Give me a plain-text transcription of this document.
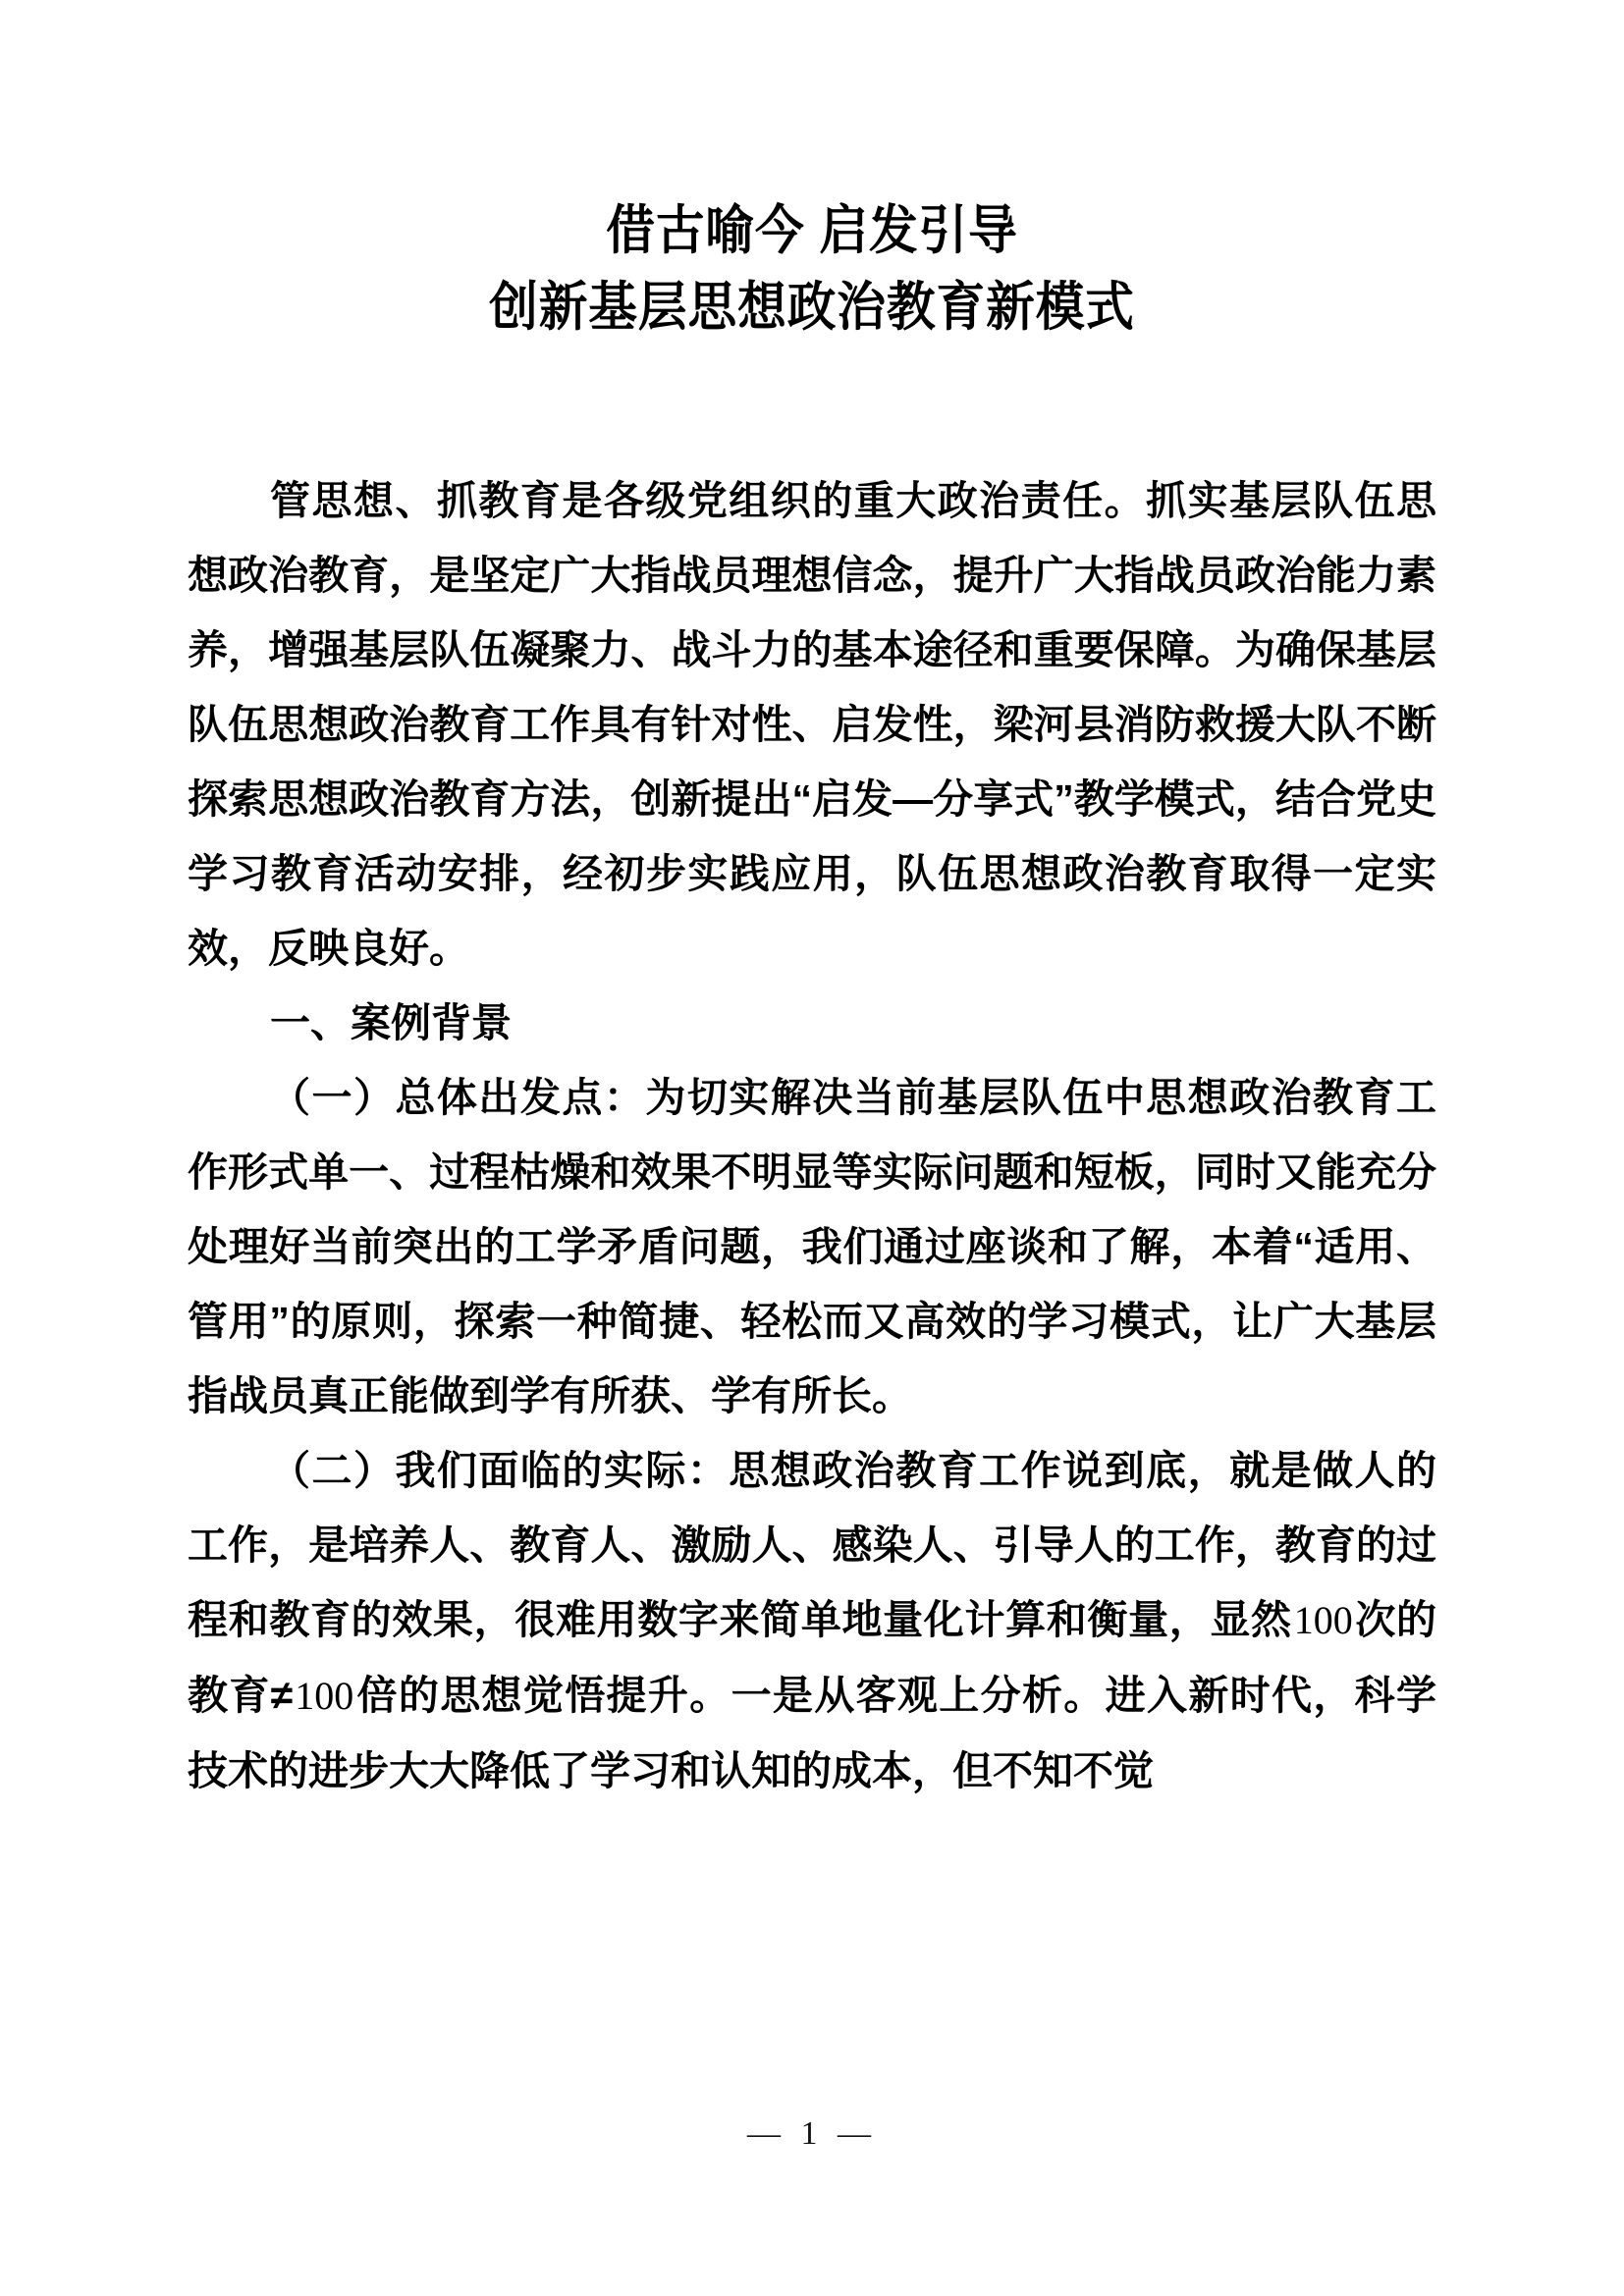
借古喻今 启发引导
创新基层思想政治教育新模式

管思想、抓教育是各级党组织的重大政治责任。抓实基层队伍思想政治教育，是坚定广大指战员理想信念，提升广大指战员政治能力素养，增强基层队伍凝聚力、战斗力的基本途径和重要保障。为确保基层队伍思想政治教育工作具有针对性、启发性，梁河县消防救援大队不断探索思想政治教育方法，创新提出“启发—分享式”教学模式，结合党史学习教育活动安排，经初步实践应用，队伍思想政治教育取得一定实效，反映良好。

一、案例背景

（一）总体出发点：为切实解决当前基层队伍中思想政治教育工作形式单一、过程枯燥和效果不明显等实际问题和短板，同时又能充分处理好当前突出的工学矛盾问题，我们通过座谈和了解，本着“适用、管用”的原则，探索一种简捷、轻松而又高效的学习模式，让广大基层指战员真正能做到学有所获、学有所长。

（二）我们面临的实际：思想政治教育工作说到底，就是做人的工作，是培养人、教育人、激励人、感染人、引导人的工作，教育的过程和教育的效果，很难用数字来简单地量化计算和衡量，显然100次的教育≠100倍的思想觉悟提升。一是从客观上分析。进入新时代，科学技术的进步大大降低了学习和认知的成本，但不知不觉

— 1 —
